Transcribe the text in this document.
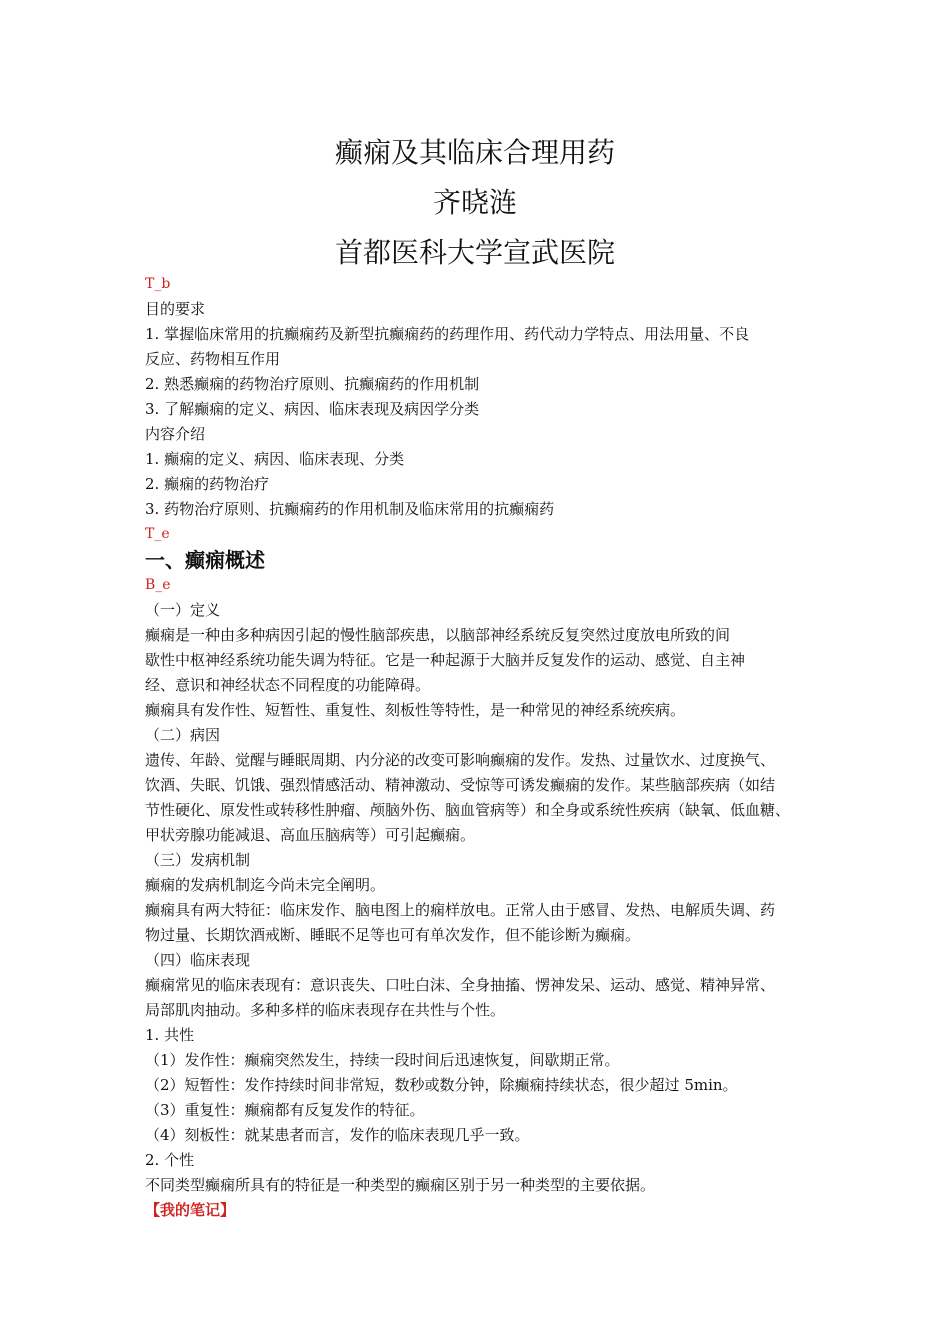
癫痫及其临床合理用药
齐晓涟
首都医科大学宣武医院
T_b
目的要求
1. 掌握临床常用的抗癫痫药及新型抗癫痫药的药理作用、药代动力学特点、用法用量、不良
反应、药物相互作用
2. 熟悉癫痫的药物治疗原则、抗癫痫药的作用机制
3. 了解癫痫的定义、病因、临床表现及病因学分类
内容介绍
1. 癫痫的定义、病因、临床表现、分类
2. 癫痫的药物治疗
3. 药物治疗原则、抗癫痫药的作用机制及临床常用的抗癫痫药
T_e
一、癫痫概述
B_e
（一）定义
癫痫是一种由多种病因引起的慢性脑部疾患，以脑部神经系统反复突然过度放电所致的间
歇性中枢神经系统功能失调为特征。它是一种起源于大脑并反复发作的运动、感觉、自主神
经、意识和神经状态不同程度的功能障碍。
癫痫具有发作性、短暂性、重复性、刻板性等特性，是一种常见的神经系统疾病。
（二）病因
遗传、年龄、觉醒与睡眠周期、内分泌的改变可影响癫痫的发作。发热、过量饮水、过度换气、
饮酒、失眠、饥饿、强烈情感活动、精神激动、受惊等可诱发癫痫的发作。某些脑部疾病（如结
节性硬化、原发性或转移性肿瘤、颅脑外伤、脑血管病等）和全身或系统性疾病（缺氧、低血糖、
甲状旁腺功能减退、高血压脑病等）可引起癫痫。
（三）发病机制
癫痫的发病机制迄今尚未完全阐明。
癫痫具有两大特征：临床发作、脑电图上的痫样放电。正常人由于感冒、发热、电解质失调、药
物过量、长期饮酒戒断、睡眠不足等也可有单次发作，但不能诊断为癫痫。
（四）临床表现
癫痫常见的临床表现有：意识丧失、口吐白沫、全身抽搐、愣神发呆、运动、感觉、精神异常、
局部肌肉抽动。多种多样的临床表现存在共性与个性。
1. 共性
（1）发作性：癫痫突然发生，持续一段时间后迅速恢复，间歇期正常。
（2）短暂性：发作持续时间非常短，数秒或数分钟，除癫痫持续状态，很少超过 5min。
（3）重复性：癫痫都有反复发作的特征。
（4）刻板性：就某患者而言，发作的临床表现几乎一致。
2. 个性
不同类型癫痫所具有的特征是一种类型的癫痫区别于另一种类型的主要依据。
【我的笔记】
